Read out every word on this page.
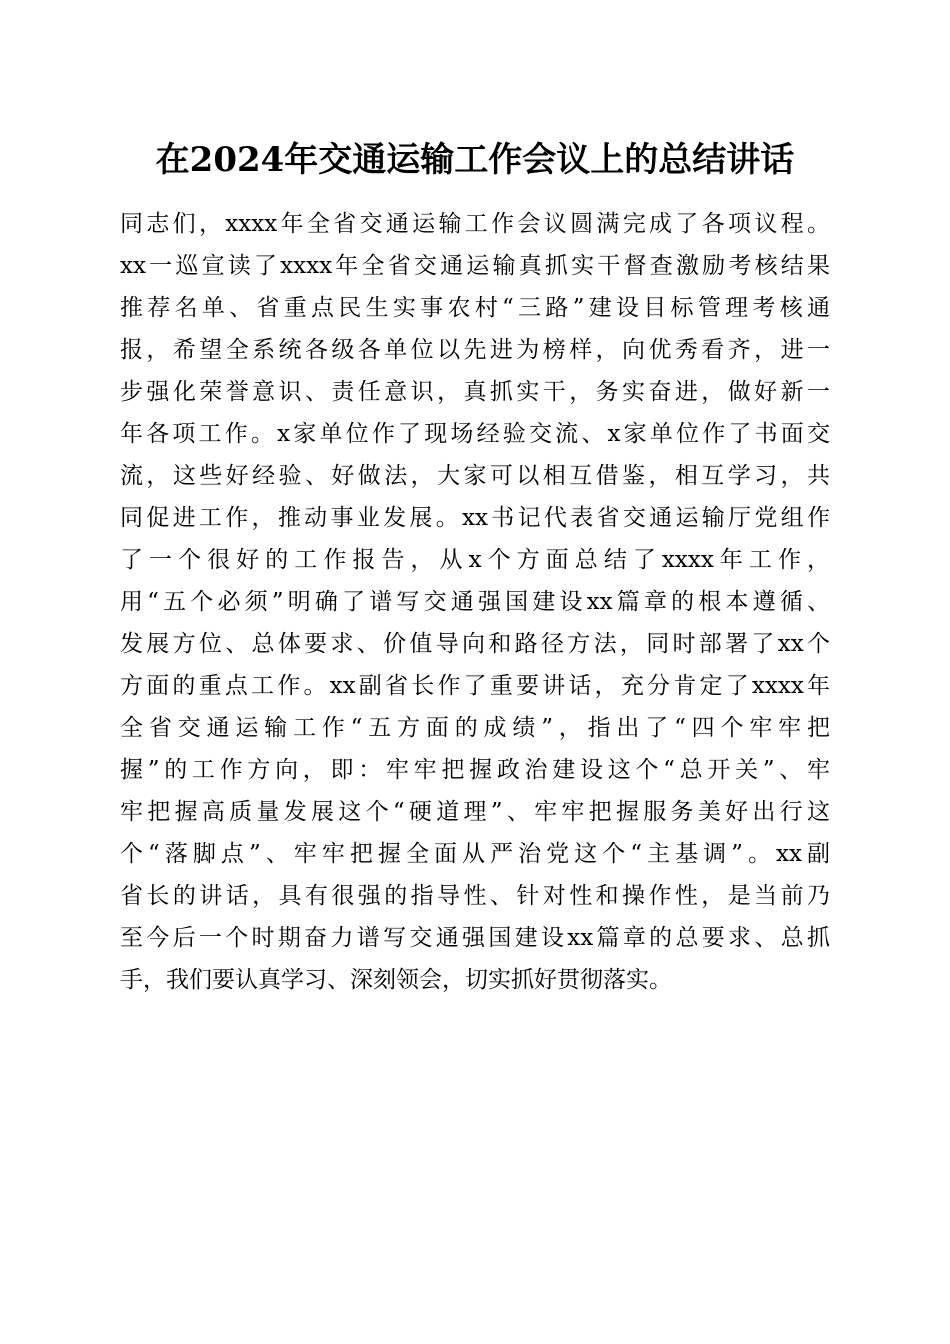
在2024年交通运输工作会议上的总结讲话
同志们，xxxx年全省交通运输工作会议圆满完成了各项议程。
xx一巡宣读了xxxx年全省交通运输真抓实干督查激励考核结果
推荐名单、省重点民生实事农村“三路”建设目标管理考核通
报，希望全系统各级各单位以先进为榜样，向优秀看齐，进一
步强化荣誉意识、责任意识，真抓实干，务实奋进，做好新一
年各项工作。x家单位作了现场经验交流、x家单位作了书面交
流，这些好经验、好做法，大家可以相互借鉴，相互学习，共
同促进工作，推动事业发展。xx书记代表省交通运输厅党组作
了一个很好的工作报告，从x个方面总结了xxxx年工作，
用“五个必须”明确了谱写交通强国建设xx篇章的根本遵循、
发展方位、总体要求、价值导向和路径方法，同时部署了xx个
方面的重点工作。xx副省长作了重要讲话，充分肯定了xxxx年
全省交通运输工作“五方面的成绩”，指出了“四个牢牢把
握”的工作方向，即：牢牢把握政治建设这个“总开关”、牢
牢把握高质量发展这个“硬道理”、牢牢把握服务美好出行这
个“落脚点”、牢牢把握全面从严治党这个“主基调”。xx副
省长的讲话，具有很强的指导性、针对性和操作性，是当前乃
至今后一个时期奋力谱写交通强国建设xx篇章的总要求、总抓
手，我们要认真学习、深刻领会，切实抓好贯彻落实。
